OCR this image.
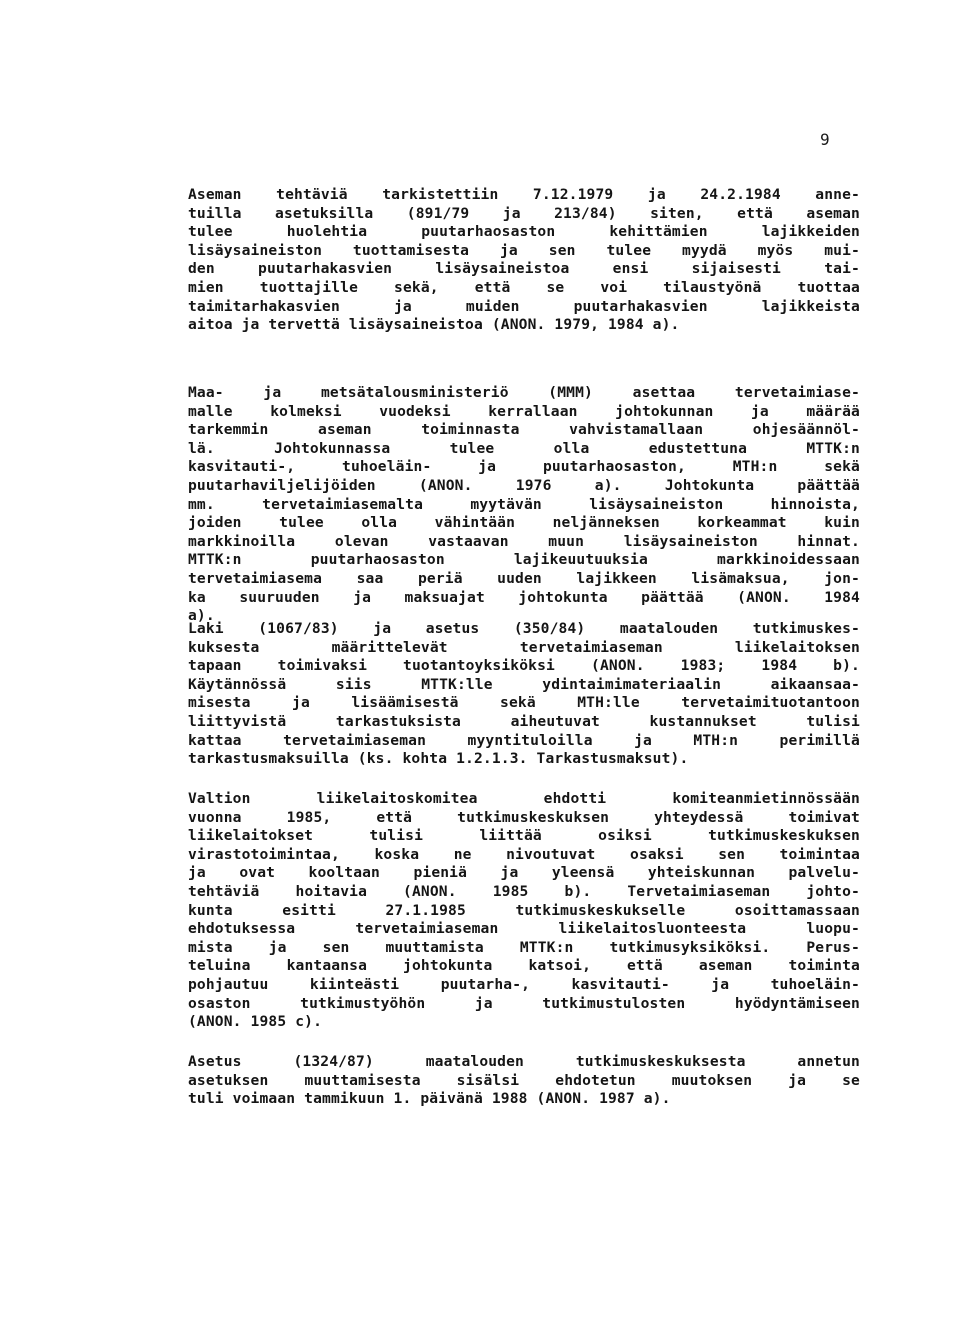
9
Aseman tehtäviä tarkistettiin 7.12.1979 ja 24.2.1984 anne-
tuilla asetuksilla (891/79 ja 213/84) siten, että aseman
tulee huolehtia puutarhaosaston kehittämien lajikkeiden
lisäysaineiston tuottamisesta ja sen tulee myydä myös mui-
den puutarhakasvien lisäysaineistoa ensi sijaisesti tai-
mien tuottajille sekä, että se voi tilaustyönä tuottaa
taimitarhakasvien ja muiden puutarhakasvien lajikkeista
aitoa ja tervettä lisäysaineistoa (ANON. 1979, 1984 a).
Maa- ja metsätalousministeriö (MMM) asettaa tervetaimiase-
malle kolmeksi vuodeksi kerrallaan johtokunnan ja määrää
tarkemmin aseman toiminnasta vahvistamallaan ohjesäännöl-
lä. Johtokunnassa tulee olla edustettuna MTTK:n
kasvitauti-, tuhoeläin- ja puutarhaosaston, MTH:n sekä
puutarhaviljelijöiden (ANON. 1976 a). Johtokunta päättää
mm. tervetaimiasemalta myytävän lisäysaineiston hinnoista,
joiden tulee olla vähintään neljänneksen korkeammat kuin
markkinoilla olevan vastaavan muun lisäysaineiston hinnat.
MTTK:n puutarhaosaston lajikeuutuuksia markkinoidessaan
tervetaimiasema saa periä uuden lajikkeen lisämaksua, jon-
ka suuruuden ja maksuajat johtokunta päättää (ANON. 1984
a).
Laki (1067/83) ja asetus (350/84) maatalouden tutkimuskes-
kuksesta määrittelevät tervetaimiaseman liikelaitoksen
tapaan toimivaksi tuotantoyksiköksi (ANON. 1983; 1984 b).
Käytännössä siis MTTK:lle ydintaimimateriaalin aikaansaa-
misesta ja lisäämisestä sekä MTH:lle tervetaimituotantoon
liittyvistä tarkastuksista aiheutuvat kustannukset tulisi
kattaa tervetaimiaseman myyntituloilla ja MTH:n perimillä
tarkastusmaksuilla (ks. kohta 1.2.1.3. Tarkastusmaksut).
Valtion liikelaitoskomitea ehdotti komiteanmietinnössään
vuonna 1985, että tutkimuskeskuksen yhteydessä toimivat
liikelaitokset tulisi liittää osiksi tutkimuskeskuksen
virastotoimintaa, koska ne nivoutuvat osaksi sen toimintaa
ja ovat kooltaan pieniä ja yleensä yhteiskunnan palvelu-
tehtäviä hoitavia (ANON. 1985 b). Tervetaimiaseman johto-
kunta esitti 27.1.1985 tutkimuskeskukselle osoittamassaan
ehdotuksessa tervetaimiaseman liikelaitosluonteesta luopu-
mista ja sen muuttamista MTTK:n tutkimusyksiköksi. Perus-
teluina kantaansa johtokunta katsoi, että aseman toiminta
pohjautuu kiinteästi puutarha-, kasvitauti- ja tuhoeläin-
osaston tutkimustyöhön ja tutkimustulosten hyödyntämiseen
(ANON. 1985 c).
Asetus (1324/87) maatalouden tutkimuskeskuksesta annetun
asetuksen muuttamisesta sisälsi ehdotetun muutoksen ja se
tuli voimaan tammikuun 1. päivänä 1988 (ANON. 1987 a).
